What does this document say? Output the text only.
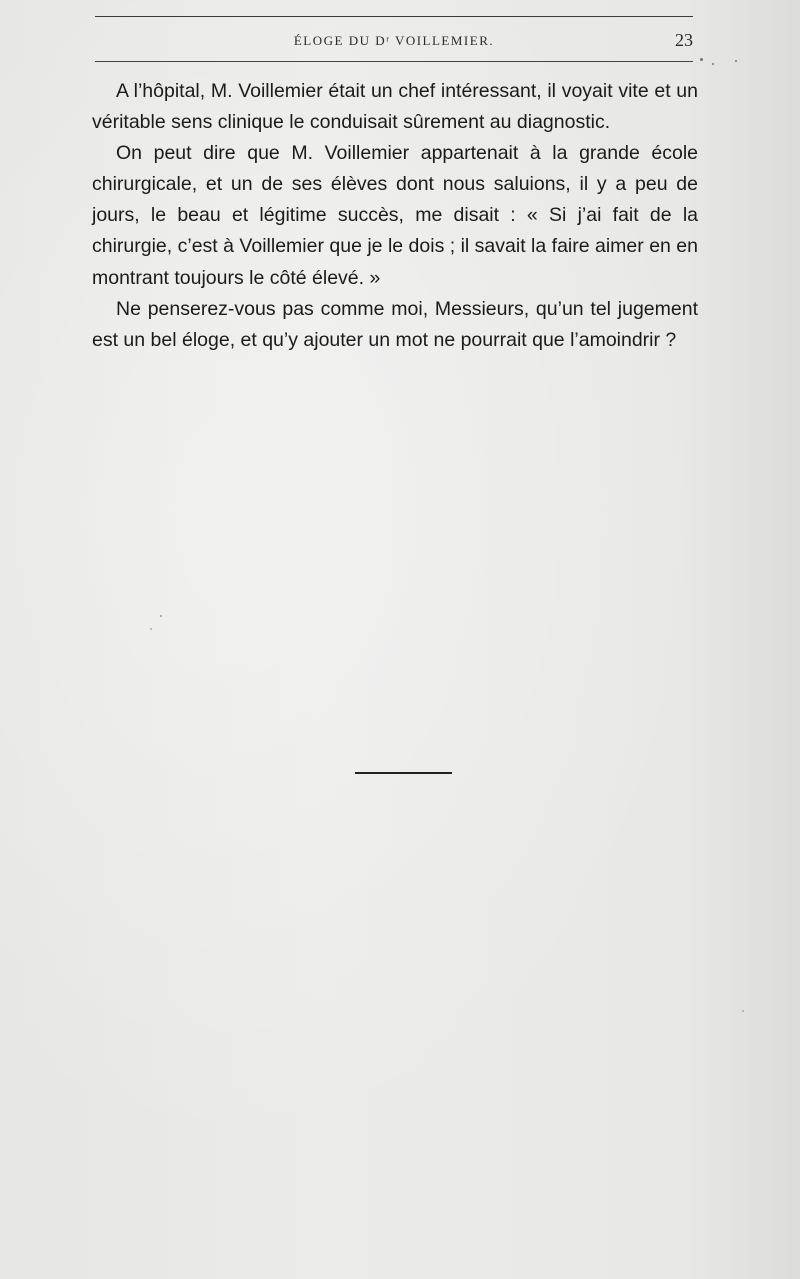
ÉLOGE DU Dʳ VOILLEMIER.	23

A l’hôpital, M. Voillemier était un chef intéressant, il voyait vite et un véritable sens clinique le conduisait sûrement au diagnostic.

On peut dire que M. Voillemier appartenait à la grande école chirurgicale, et un de ses élèves dont nous saluions, il y a peu de jours, le beau et légitime succès, me disait : « Si j’ai fait de la chirurgie, c’est à Voillemier que je le dois ; il savait la faire aimer en en montrant toujours le côté élevé. »

Ne penserez-vous pas comme moi, Messieurs, qu’un tel jugement est un bel éloge, et qu’y ajouter un mot ne pourrait que l’amoindrir ?
